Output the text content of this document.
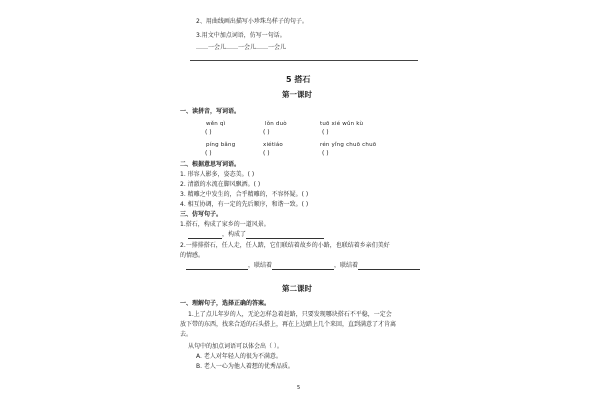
2、用曲线画出描写小珍珠鸟样子的句子。
3.用文中加点词语，仿写一句话。
……一会儿……一会儿……一会儿
5 搭石
第一课时
一、读拼音，写词语。
wěn qì	lǒn duò	tuō xié wǔn kù
( )	( )	( )
píng bǎng	xiétiáo	rén yǐng chuō chuō
( )	( )	( )
二、根据意思写词语。
1. 形容人影多，姿态美。( )
2. 清澈的水流在脚风飘洒。( )
3. 精雕之中发生的，合乎精雕的，不容怀疑。( )
4. 相互协调，有一定的先后顺序，和谐一致。( )
三、仿写句子。
1.搭石，构成了家乡的一道风景。
，构成了
2.一排排搭石，任人走，任人踏，它们联结着故乡的小路，也联结着乡亲们美好
的情感。
，联结着	，联结着
第二课时
一、理解句子，选择正确的答案。
1.上了点儿年岁的人，无论怎样急着赶路，只要发现哪块搭石不平稳，一定会
放下带的东西，找来合适的石头搭上，再在上边踏上几个来回，直到满意了才肯离
去。
从句中的加点词语可以体会出（ ）。
A. 老人对年轻人的很为不满意。
B. 老人一心为他人着想的优秀品质。
5
